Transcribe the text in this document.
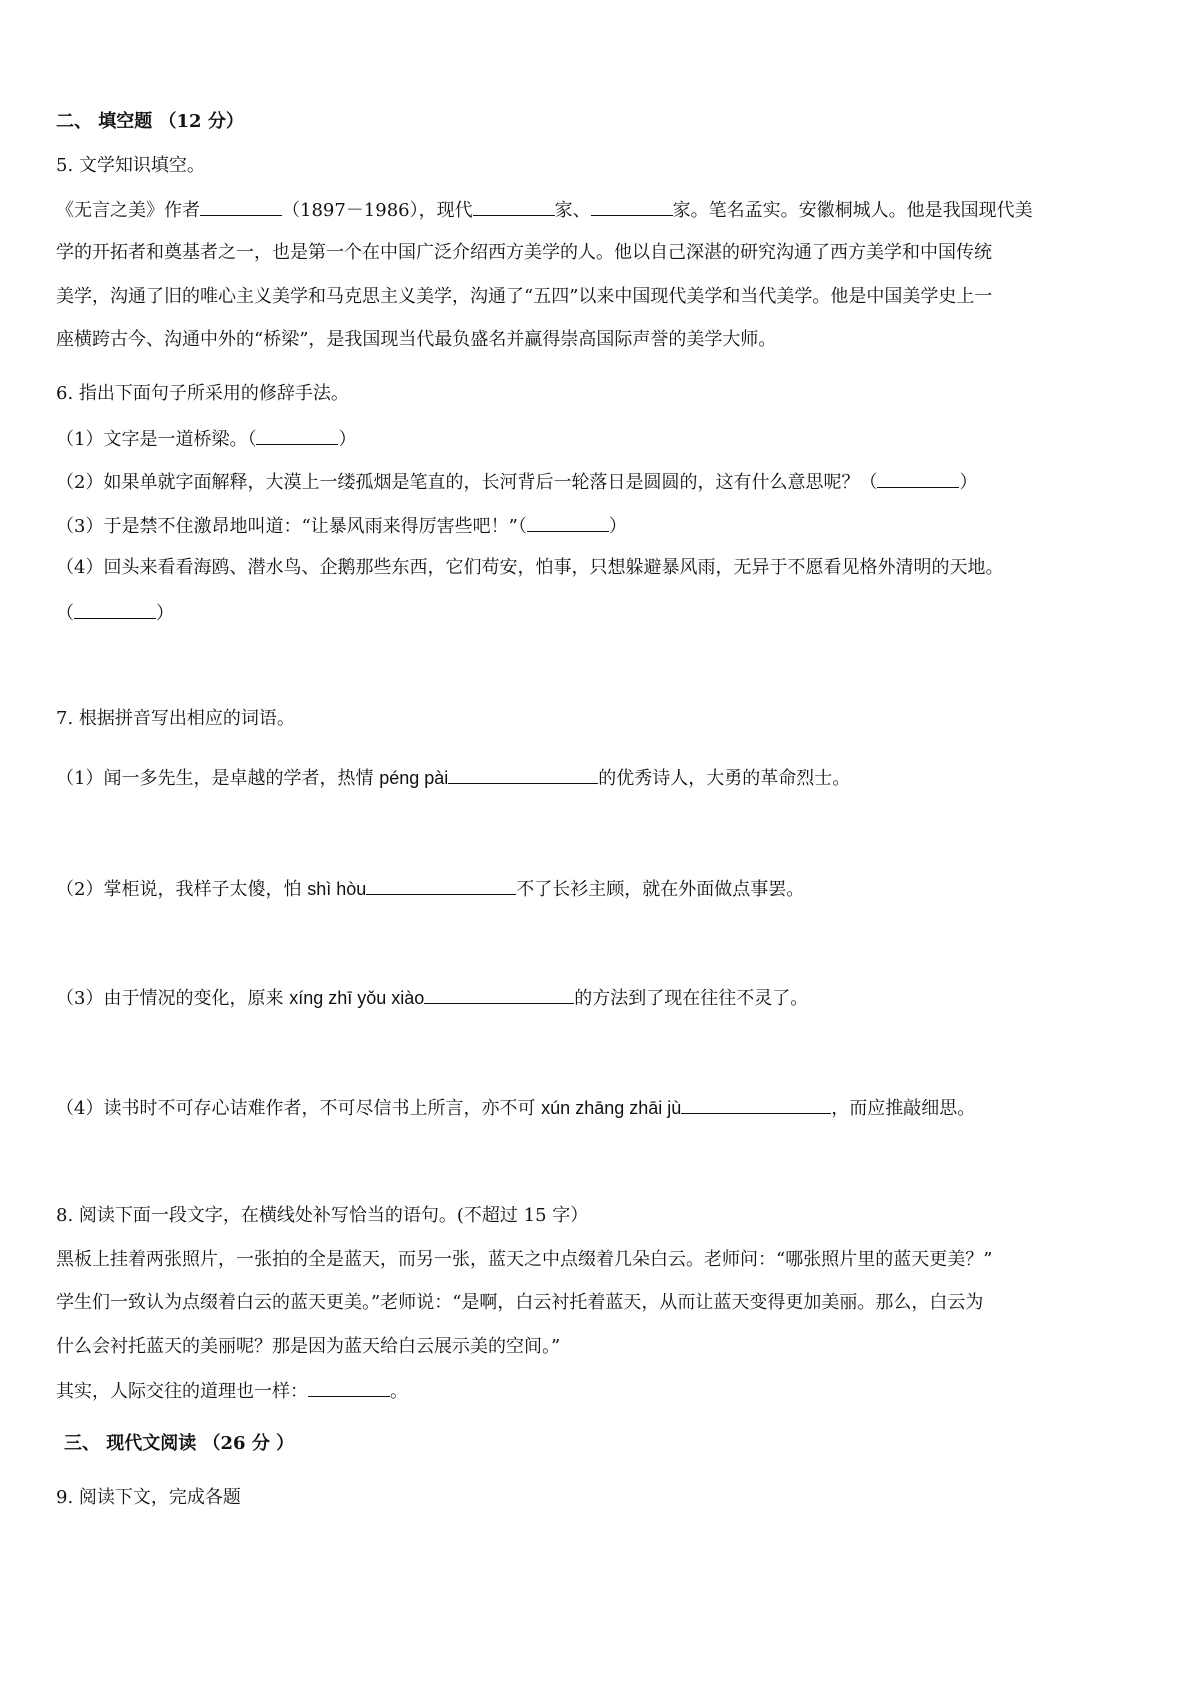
二、 填空题 （12 分）
5. 文学知识填空。
《无言之美》作者	（1897－1986），现代	家、	家。笔名孟实。安徽桐城人。他是我国现代美
学的开拓者和奠基者之一，也是第一个在中国广泛介绍西方美学的人。他以自己深湛的研究沟通了西方美学和中国传统
美学，沟通了旧的唯心主义美学和马克思主义美学，沟通了“五四”以来中国现代美学和当代美学。他是中国美学史上一
座横跨古今、沟通中外的“桥梁”，是我国现当代最负盛名并赢得崇高国际声誉的美学大师。
6. 指出下面句子所采用的修辞手法。
（1）文字是一道桥梁。（	）
（2）如果单就字面解释，大漠上一缕孤烟是笔直的，长河背后一轮落日是圆圆的，这有什么意思呢？（	）
（3）于是禁不住激昂地叫道：“让暴风雨来得厉害些吧！”（	）
（4）回头来看看海鸥、潜水鸟、企鹅那些东西，它们苟安，怕事，只想躲避暴风雨，无异于不愿看见格外清明的天地。
（	）
7. 根据拼音写出相应的词语。
（1）闻一多先生，是卓越的学者，热情 péng pài	的优秀诗人，大勇的革命烈士。
（2）掌柜说，我样子太傻，怕 shì hòu	不了长衫主顾，就在外面做点事罢。
（3）由于情况的变化，原来 xíng zhī yǒu xiào	的方法到了现在往往不灵了。
（4）读书时不可存心诘难作者，不可尽信书上所言，亦不可 xún zhāng zhāi jù	，而应推敲细思。
8. 阅读下面一段文字，在横线处补写恰当的语句。(不超过 15 字）
黑板上挂着两张照片，一张拍的全是蓝天，而另一张，蓝天之中点缀着几朵白云。老师问：“哪张照片里的蓝天更美？”
学生们一致认为点缀着白云的蓝天更美。”老师说：“是啊，白云衬托着蓝天，从而让蓝天变得更加美丽。那么，白云为
什么会衬托蓝天的美丽呢？那是因为蓝天给白云展示美的空间。”
其实，人际交往的道理也一样：	。
三、 现代文阅读 （26 分 ）
9. 阅读下文，完成各题
